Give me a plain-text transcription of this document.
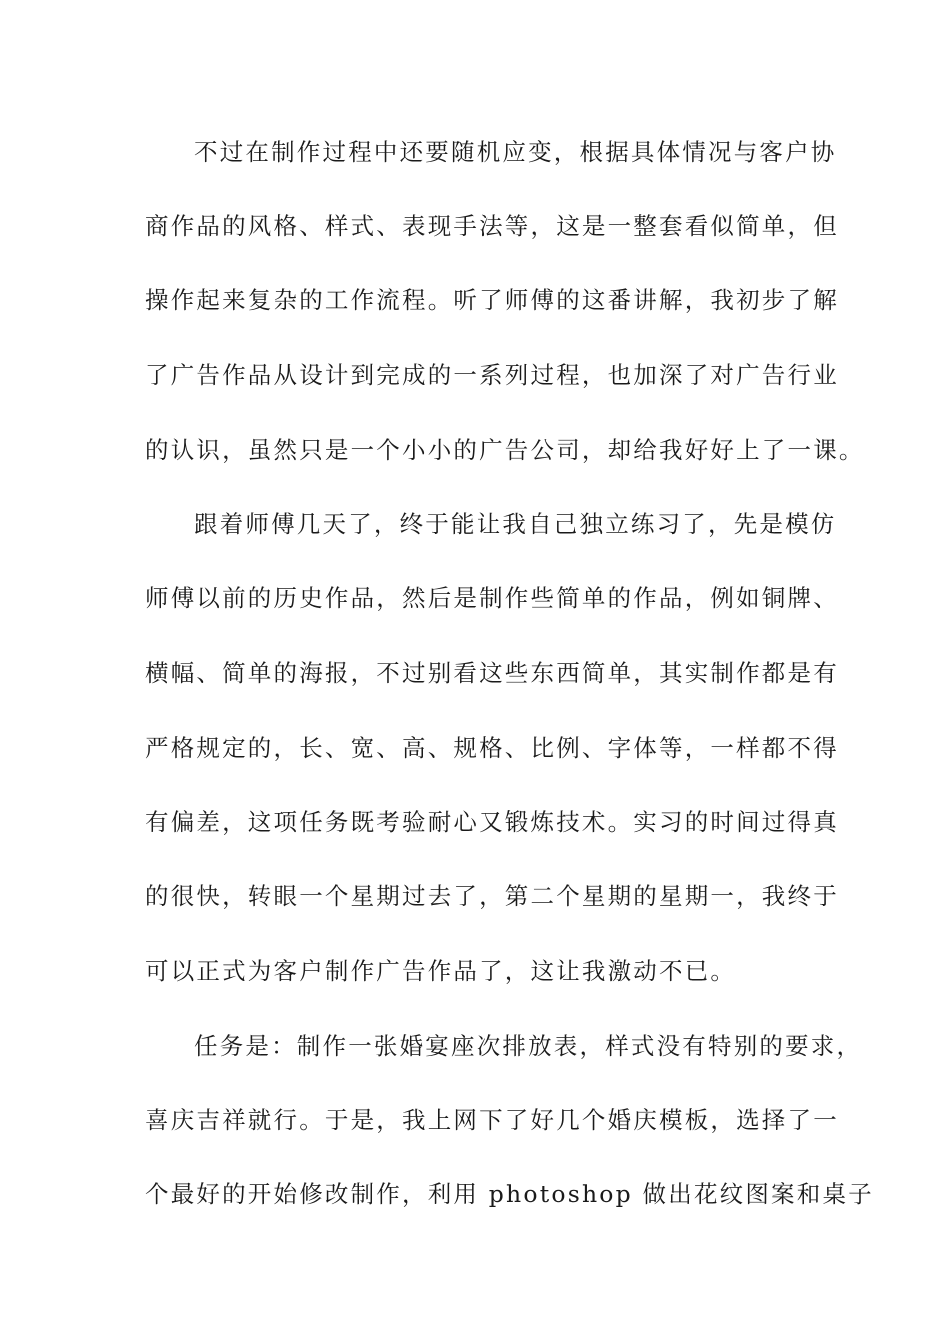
不过在制作过程中还要随机应变，根据具体情况与客户协
商作品的风格、样式、表现手法等，这是一整套看似简单，但
操作起来复杂的工作流程。听了师傅的这番讲解，我初步了解
了广告作品从设计到完成的一系列过程，也加深了对广告行业
的认识，虽然只是一个小小的广告公司，却给我好好上了一课。
跟着师傅几天了，终于能让我自己独立练习了，先是模仿
师傅以前的历史作品，然后是制作些简单的作品，例如铜牌、
横幅、简单的海报，不过别看这些东西简单，其实制作都是有
严格规定的，长、宽、高、规格、比例、字体等，一样都不得
有偏差，这项任务既考验耐心又锻炼技术。实习的时间过得真
的很快，转眼一个星期过去了，第二个星期的星期一，我终于
可以正式为客户制作广告作品了，这让我激动不已。
任务是：制作一张婚宴座次排放表，样式没有特别的要求，
喜庆吉祥就行。于是，我上网下了好几个婚庆模板，选择了一
个最好的开始修改制作，利用 photoshop 做出花纹图案和桌子
